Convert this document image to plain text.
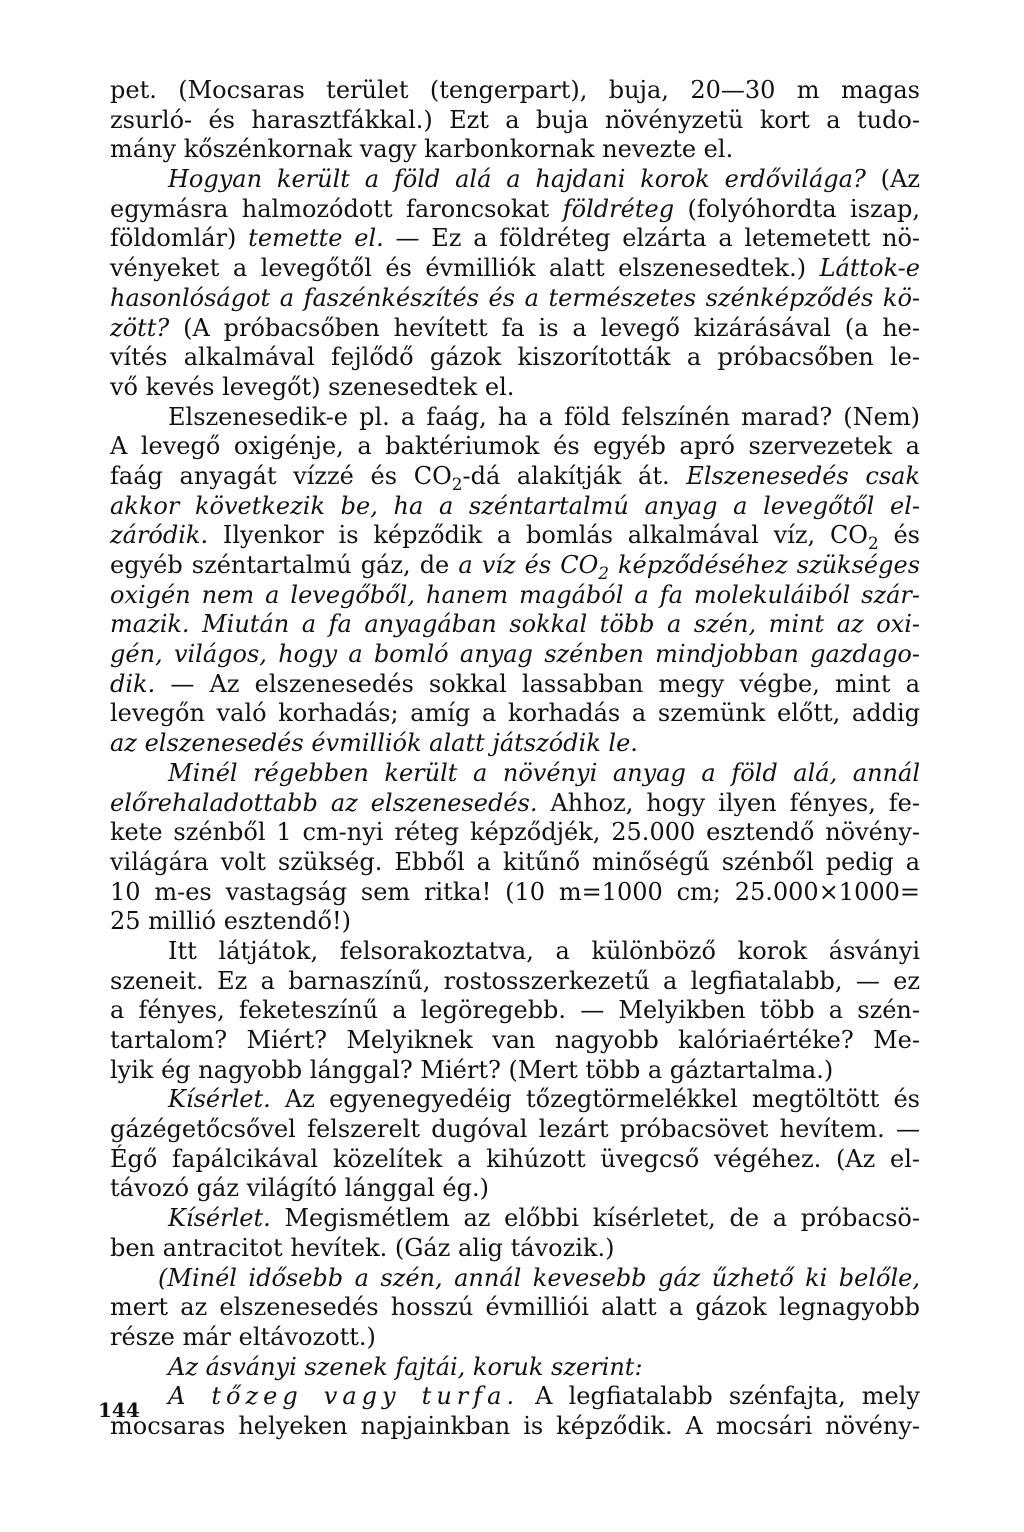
pet. (Mocsaras terület (tengerpart), buja, 20—30 m magas
zsurló- és harasztfákkal.) Ezt a buja növényzetü kort a tudo-
mány kőszénkornak vagy karbonkornak nevezte el.
Hogyan került a föld alá a hajdani korok erdővilága? (Az
egymásra halmozódott faroncsokat földréteg (folyóhordta iszap,
földomlár) temette el. — Ez a földréteg elzárta a letemetett nö-
vényeket a levegőtől és évmilliók alatt elszenesedtek.) Láttok-e
hasonlóságot a faszénkészítés és a természetes szénképződés kö-
zött? (A próbacsőben hevített fa is a levegő kizárásával (a he-
vítés alkalmával fejlődő gázok kiszorították a próbacsőben le-
vő kevés levegőt) szenesedtek el.
Elszenesedik-e pl. a faág, ha a föld felszínén marad? (Nem)
A levegő oxigénje, a baktériumok és egyéb apró szervezetek a
faág anyagát vízzé és $CO_2-dá$ alakítják át. Elszenesedés csak
akkor következik be, ha a széntartalmú anyag a levegőtől el-
záródik. Ilyenkor is képződik a bomlás alkalmával víz, $CO_2$ és
egyéb széntartalmú gáz, de a víz és $CO_2$ képződéséhez szükséges
oxigén nem a levegőből, hanem magából a fa molekuláiból szár-
mazik. Miután a fa anyagában sokkal több a szén, mint az oxi-
gén, világos, hogy a bomló anyag szénben mindjobban gazdago-
dik. — Az elszenesedés sokkal lassabban megy végbe, mint a
levegőn való korhadás; amíg a korhadás a szemünk előtt, addig
az elszenesedés évmilliók alatt játszódik le.
Minél régebben került a növényi anyag a föld alá, annál
előrehaladottabb az elszenesedés. Ahhoz, hogy ilyen fényes, fe-
kete szénből 1 cm-nyi réteg képződjék, 25.000 esztendő növény-
világára volt szükség. Ebből a kitűnő minőségű szénből pedig a
10 m-es vastagság sem ritka! (10 m=1000 cm; 25.000×1000=
25 millió esztendő!)
Itt látjátok, felsorakoztatva, a különböző korok ásványi
szeneit. Ez a barnaszínű, rostosszerkezetű a legfiatalabb, — ez
a fényes, feketeszínű a legöregebb. — Melyikben több a szén-
tartalom? Miért? Melyiknek van nagyobb kalóriaértéke? Me-
lyik ég nagyobb lánggal? Miért? (Mert több a gáztartalma.)
Kísérlet. Az egyenegyedéig tőzegtörmelékkel megtöltött és
gázégetőcsővel felszerelt dugóval lezárt próbacsövet hevítem. —
Égő fapálcikával közelítek a kihúzott üvegcső végéhez. (Az el-
távozó gáz világító lánggal ég.)
Kísérlet. Megismétlem az előbbi kísérletet, de a próbacsö-
ben antracitot hevítek. (Gáz alig távozik.)
(Minél idősebb a szén, annál kevesebb gáz űzhető ki belőle,
mert az elszenesedés hosszú évmilliói alatt a gázok legnagyobb
része már eltávozott.)
Az ásványi szenek fajtái, koruk szerint:
A tőzeg vagy turfa. A legfiatalabb szénfajta, mely
mocsaras helyeken napjainkban is képződik. A mocsári növény-
144
